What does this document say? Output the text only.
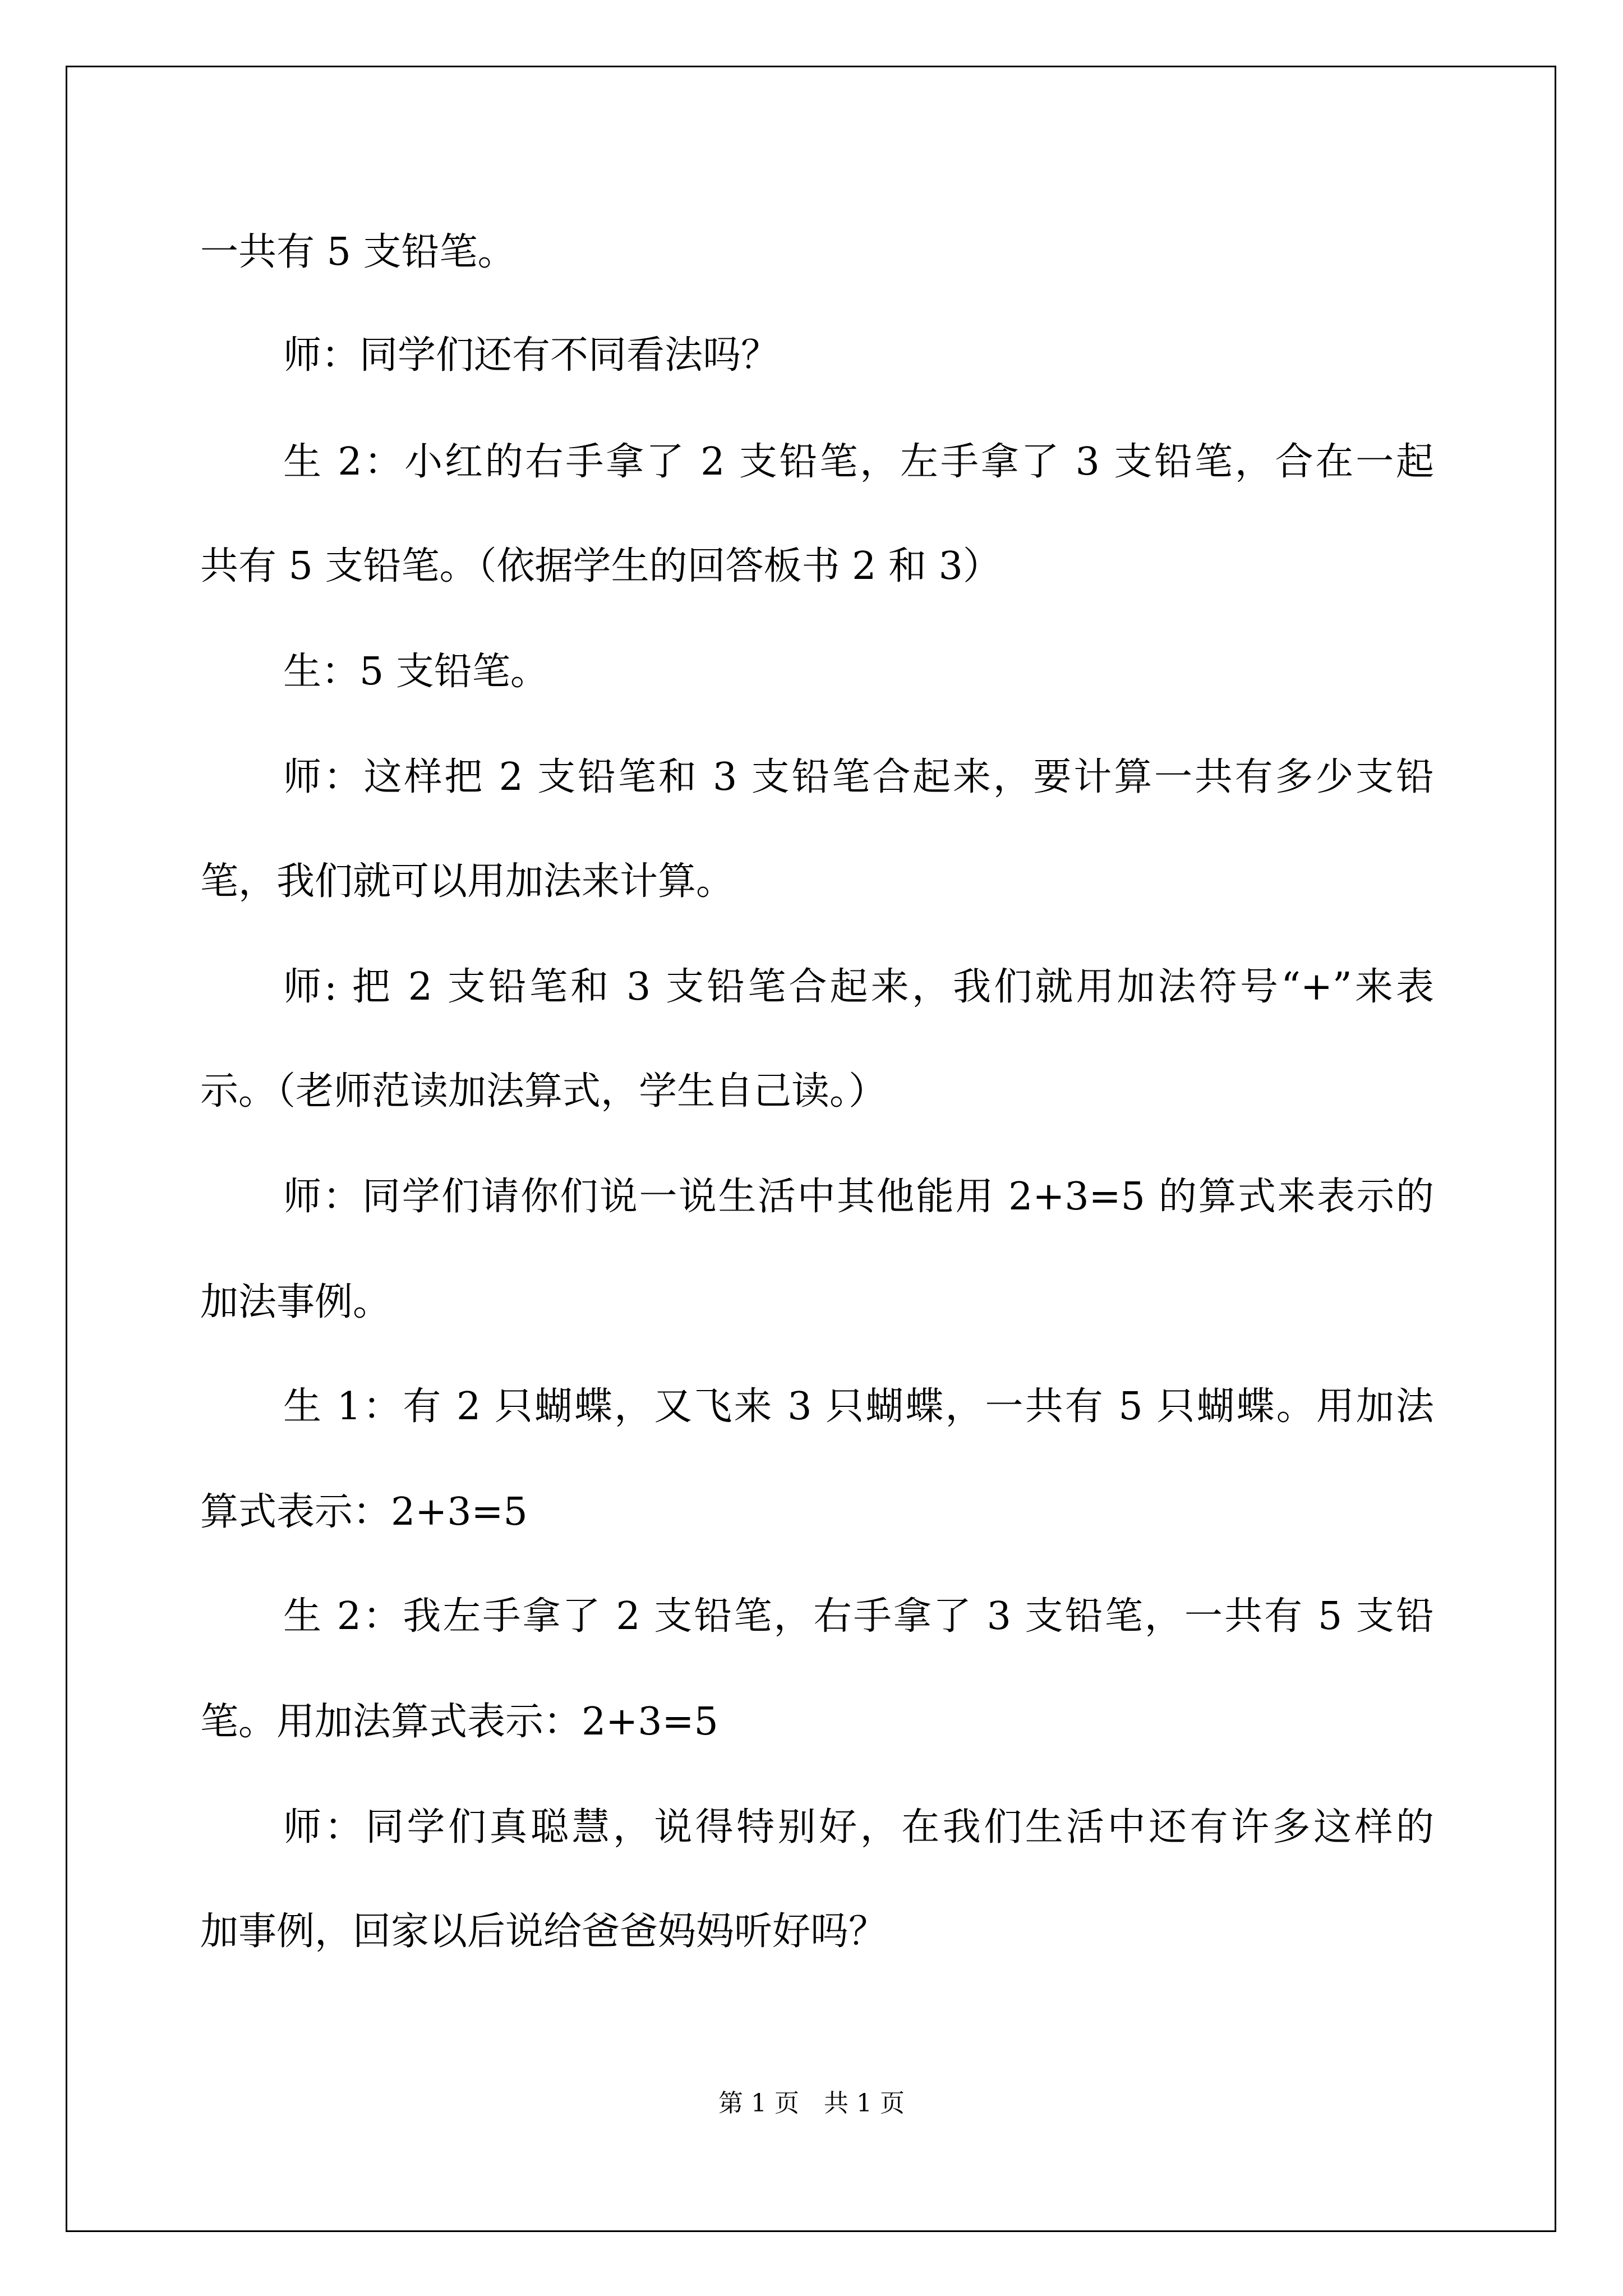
一共有 5 支铅笔。
师：同学们还有不同看法吗？
生 2：小红的右手拿了 2 支铅笔，左手拿了 3 支铅笔，合在一起
共有 5 支铅笔。（依据学生的回答板书 2 和 3）
生：5 支铅笔。
师：这样把 2 支铅笔和 3 支铅笔合起来，要计算一共有多少支铅
笔，我们就可以用加法来计算。
师: 把 2 支铅笔和 3 支铅笔合起来，我们就用加法符号“+”来表
示。（老师范读加法算式，学生自己读。）
师：同学们请你们说一说生活中其他能用 2+3=5 的算式来表示的
加法事例。
生 1：有 2 只蝴蝶，又飞来 3 只蝴蝶，一共有 5 只蝴蝶。用加法
算式表示：2+3=5
生 2：我左手拿了 2 支铅笔，右手拿了 3 支铅笔，一共有 5 支铅
笔。用加法算式表示：2+3=5
师：同学们真聪慧，说得特别好，在我们生活中还有许多这样的
加事例，回家以后说给爸爸妈妈听好吗？
第 1 页　共 1 页
